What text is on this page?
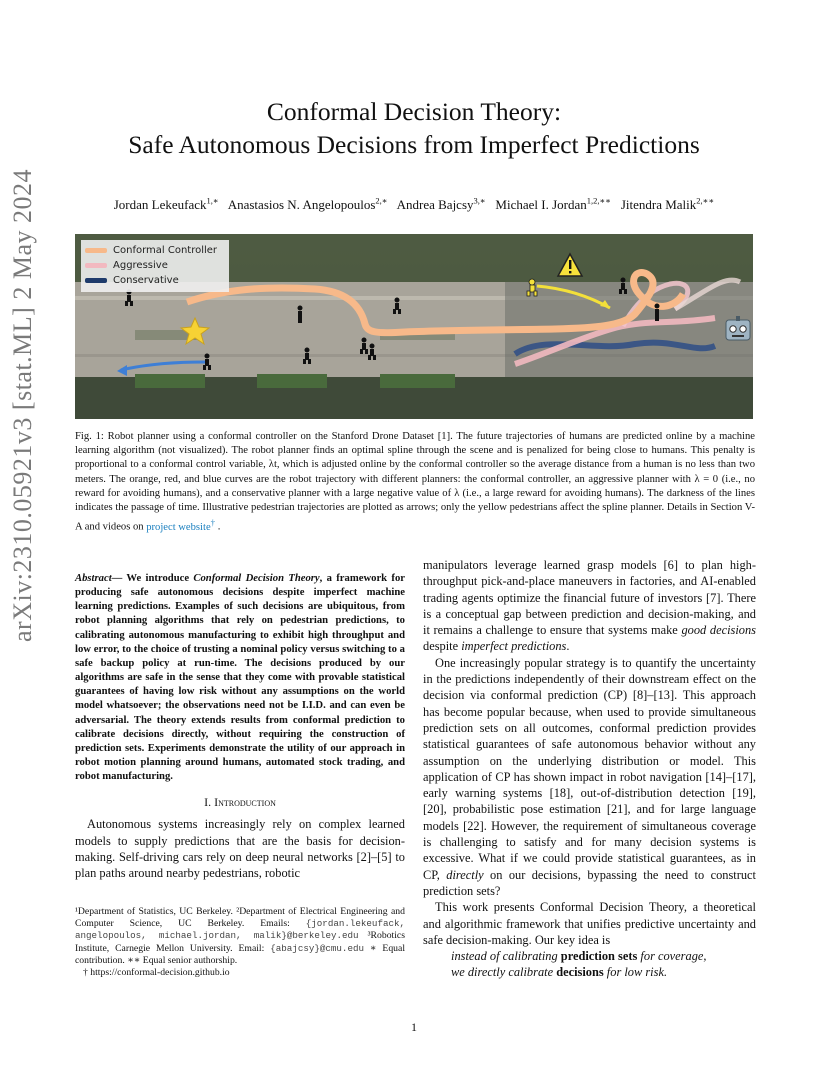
arXiv:2310.05921v3 [stat.ML] 2 May 2024
Conformal Decision Theory:
Safe Autonomous Decisions from Imperfect Predictions
Jordan Lekeufack$^{1,∗}$ Anastasios N. Angelopoulos$^{2,∗}$ Andrea Bajcsy$^{3,∗}$ Michael I. Jordan$^{1,2,∗∗}$ Jitendra Malik$^{2,∗∗}$
Conformal Controller
Aggressive
Conservative
Fig. 1: Robot planner using a conformal controller on the Stanford Drone Dataset [1]. The future trajectories of humans are predicted online by a machine learning algorithm (not visualized). The robot planner finds an optimal spline through the scene and is penalized for being close to humans. This penalty is proportional to a conformal control variable, λt, which is adjusted online by the conformal controller so the average distance from a human is no less than two meters. The orange, red, and blue curves are the robot trajectory with different planners: the conformal controller, an aggressive planner with λ = 0 (i.e., no reward for avoiding humans), and a conservative planner with a large negative value of λ (i.e., a large reward for avoiding humans). The darkness of the lines indicates the passage of time. Illustrative pedestrian trajectories are plotted as arrows; only the yellow pedestrians affect the spline planner. Details in Section V-A and videos on project website† .
Abstract— We introduce Conformal Decision Theory, a framework for producing safe autonomous decisions despite imperfect machine learning predictions. Examples of such decisions are ubiquitous, from robot planning algorithms that rely on pedestrian predictions, to calibrating autonomous manufacturing to exhibit high throughput and low error, to the choice of trusting a nominal policy versus switching to a safe backup policy at run-time. The decisions produced by our algorithms are safe in the sense that they come with provable statistical guarantees of having low risk without any assumptions on the world model whatsoever; the observations need not be I.I.D. and can even be adversarial. The theory extends results from conformal prediction to calibrate decisions directly, without requiring the construction of prediction sets. Experiments demonstrate the utility of our approach in robot motion planning around humans, automated stock trading, and robot manufacturing.
I. Introduction

Autonomous systems increasingly rely on complex learned models to supply predictions that are the basis for decision-making. Self-driving cars rely on deep neural networks [2]–[5] to plan paths around nearby pedestrians, robotic

¹Department of Statistics, UC Berkeley. ²Department of Electrical Engineering and Computer Science, UC Berkeley. Emails: {jordan.lekeufack, angelopoulos, michael.jordan, malik}@berkeley.edu ³Robotics Institute, Carnegie Mellon University. Email: {abajcsy}@cmu.edu ∗ Equal contribution. ∗∗ Equal senior authorship.
† https://conformal-decision.github.io

manipulators leverage learned grasp models [6] to plan high-throughput pick-and-place maneuvers in factories, and AI-enabled trading agents optimize the financial future of investors [7]. There is a conceptual gap between prediction and decision-making, and it remains a challenge to ensure that systems make good decisions despite imperfect predictions.

One increasingly popular strategy is to quantify the uncertainty in the predictions independently of their downstream effect on the decision via conformal prediction (CP) [8]–[13]. This approach has become popular because, when used to provide simultaneous prediction sets on all outcomes, conformal prediction provides statistical guarantees of safe autonomous behavior without any assumption on the underlying distribution or model. This application of CP has shown impact in robot navigation [14]–[17], early warning systems [18], out-of-distribution detection [19], [20], probabilistic pose estimation [21], and for large language models [22]. However, the requirement of simultaneous coverage is challenging to satisfy and for many decision systems is excessive. What if we could provide statistical guarantees, as in CP, directly on our decisions, bypassing the need to construct prediction sets?

This work presents Conformal Decision Theory, a theoretical and algorithmic framework that unifies predictive uncertainty and safe decision-making. Our key idea is

instead of calibrating prediction sets for coverage,

we directly calibrate decisions for low risk.

1
